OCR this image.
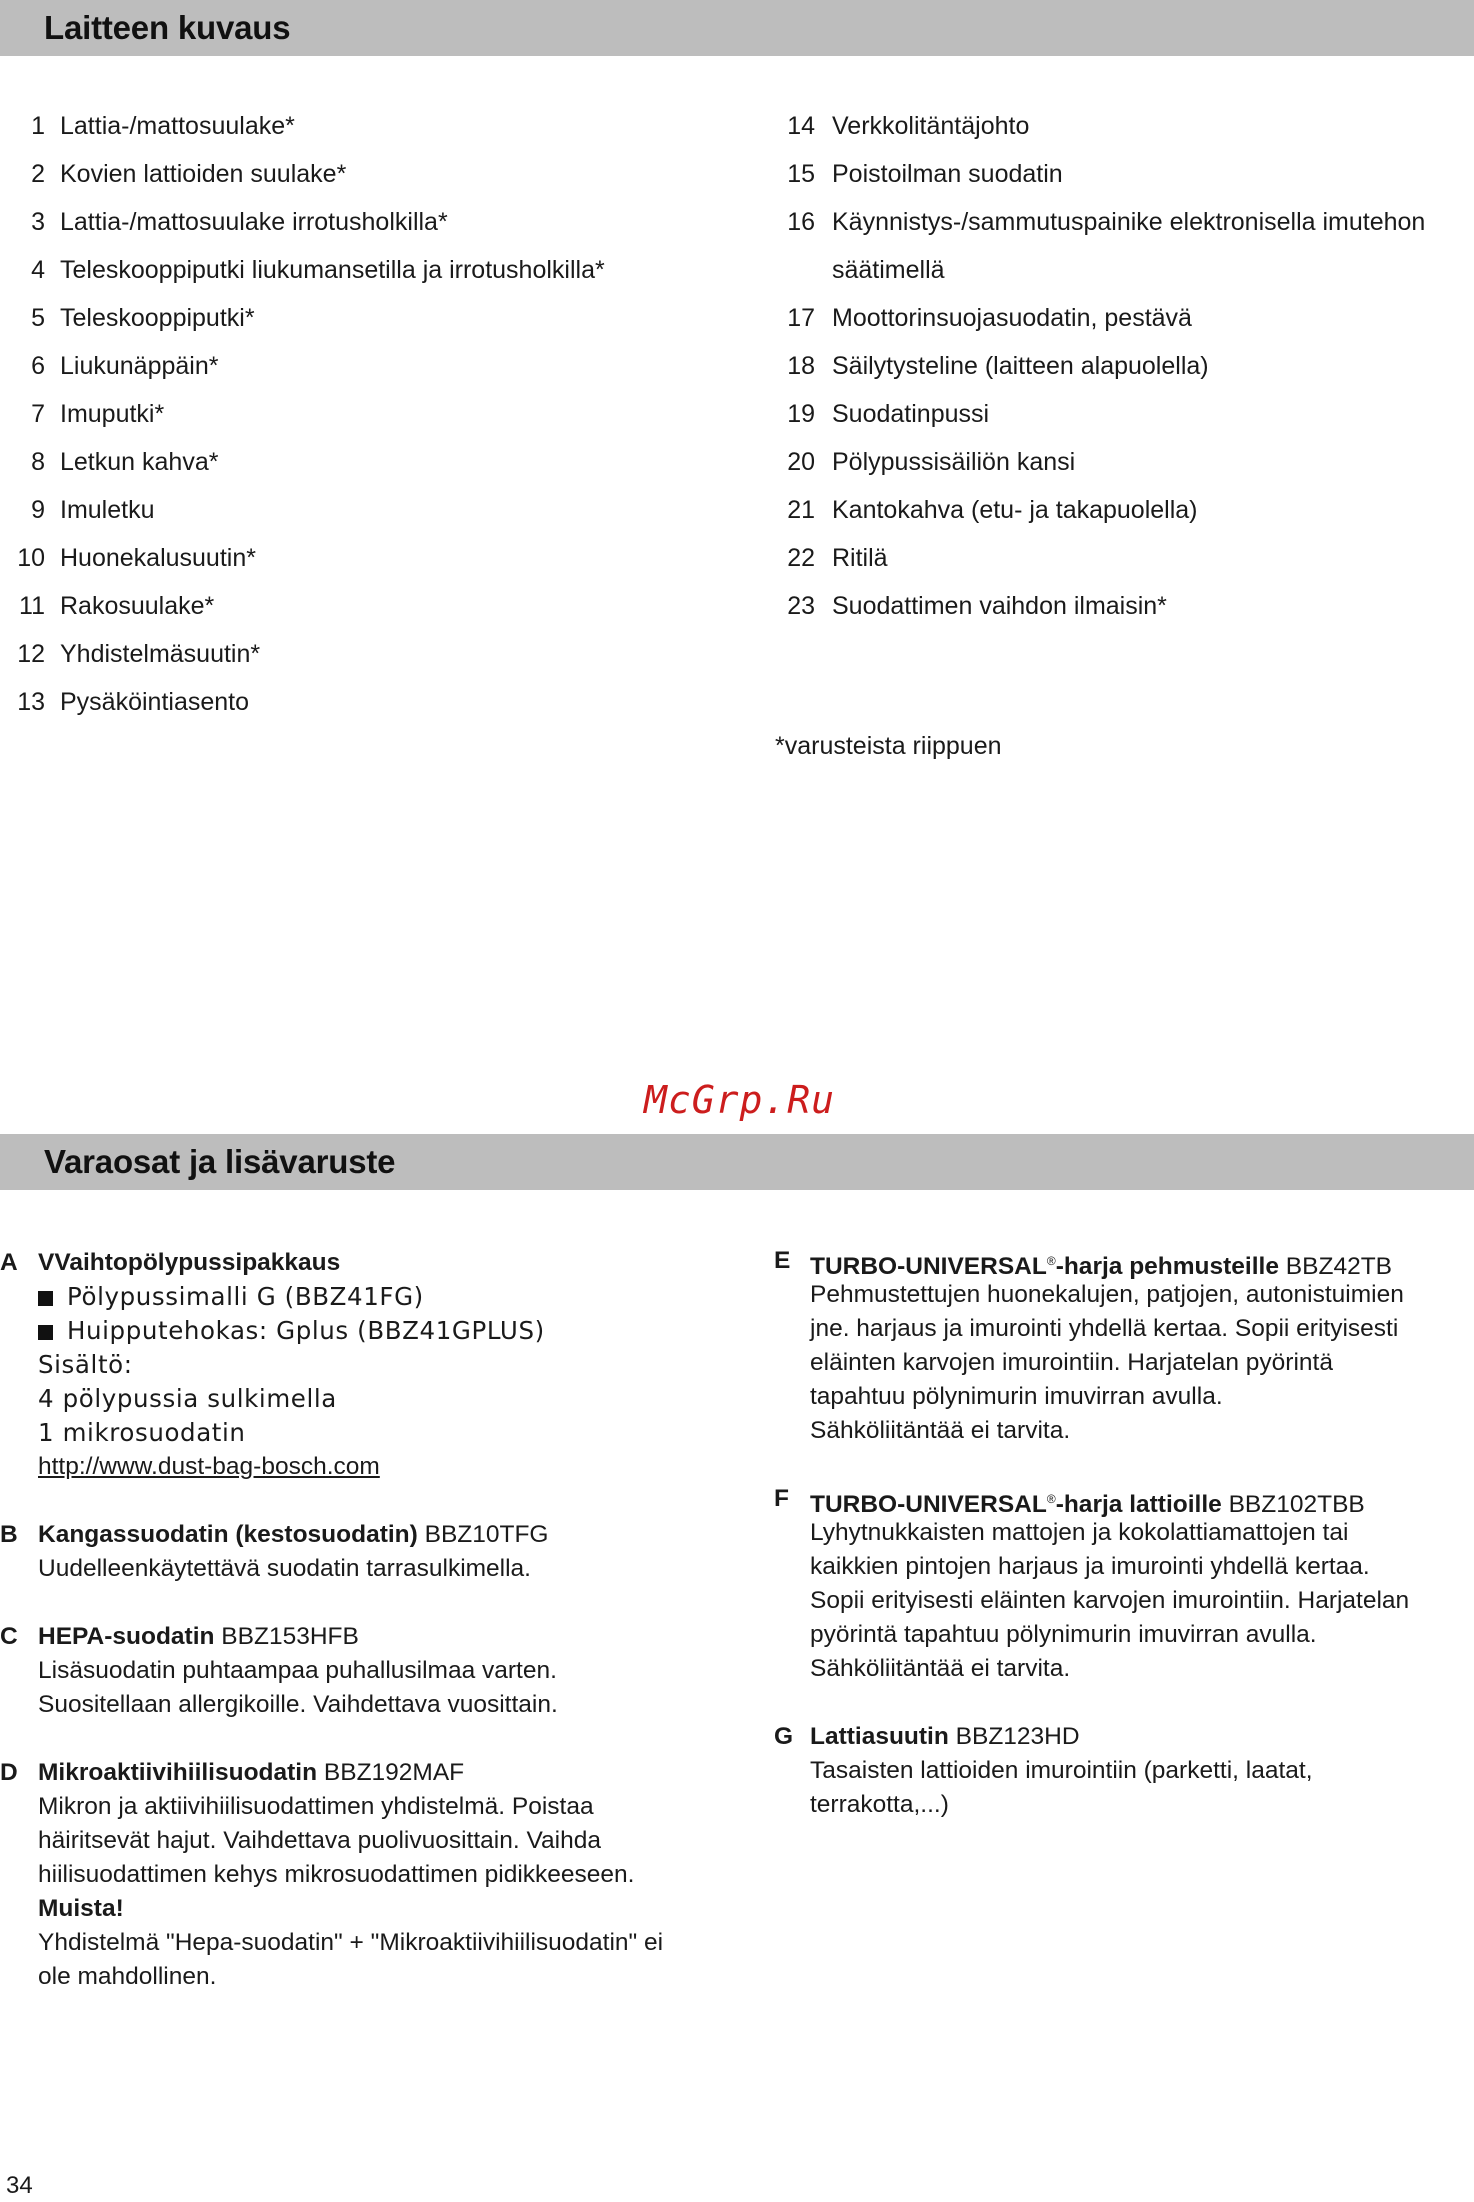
Laitteen kuvaus
1 Lattia-/mattosuulake*
2 Kovien lattioiden suulake*
3 Lattia-/mattosuulake irrotusholkilla*
4 Teleskooppiputki liukumansetilla ja irrotusholkilla*
5 Teleskooppiputki*
6 Liukunäppäin*
7 Imuputki*
8 Letkun kahva*
9 Imuletku
10 Huonekalusuutin*
11 Rakosuulake*
12 Yhdistelmäsuutin*
13 Pysäköintiasento
14 Verkkolitäntäjohto
15 Poistoilman suodatin
16 Käynnistys-/sammutuspainike elektronisella imutehon
säätimellä
17 Moottorinsuojasuodatin, pestävä
18 Säilytysteline (laitteen alapuolella)
19 Suodatinpussi
20 Pölypussisäiliön kansi
21 Kantokahva (etu- ja takapuolella)
22 Ritilä
23 Suodattimen vaihdon ilmaisin*
*varusteista riippuen
McGrp.Ru
Varaosat ja lisävaruste
A VVaihtopölypussipakkaus
Pölypussimalli G (BBZ41FG)
Huipputehokas: Gplus (BBZ41GPLUS)
Sisältö:
4 pölypussia sulkimella
1 mikrosuodatin
http://www.dust-bag-bosch.com
B Kangassuodatin (kestosuodatin) BBZ10TFG
Uudelleenkäytettävä suodatin tarrasulkimella.
C HEPA-suodatin BBZ153HFB
Lisäsuodatin puhtaampaa puhallusilmaa varten.
Suositellaan allergikoille. Vaihdettava vuosittain.
D Mikroaktiivihiilisuodatin BBZ192MAF
Mikron ja aktiivihiilisuodattimen yhdistelmä. Poistaa
häiritsevät hajut. Vaihdettava puolivuosittain. Vaihda
hiilisuodattimen kehys mikrosuodattimen pidikkeeseen.
Muista!
Yhdistelmä "Hepa-suodatin" + "Mikroaktiivihiilisuodatin" ei
ole mahdollinen.
E TURBO-UNIVERSAL®-harja pehmusteille BBZ42TB
Pehmustettujen huonekalujen, patjojen, autonistuimien
jne. harjaus ja imurointi yhdellä kertaa. Sopii erityisesti
eläinten karvojen imurointiin. Harjatelan pyörintä
tapahtuu pölynimurin imuvirran avulla.
Sähköliitäntää ei tarvita.
F TURBO-UNIVERSAL®-harja lattioille BBZ102TBB
Lyhytnukkaisten mattojen ja kokolattiamattojen tai
kaikkien pintojen harjaus ja imurointi yhdellä kertaa.
Sopii erityisesti eläinten karvojen imurointiin. Harjatelan
pyörintä tapahtuu pölynimurin imuvirran avulla.
Sähköliitäntää ei tarvita.
G Lattiasuutin BBZ123HD
Tasaisten lattioiden imurointiin (parketti, laatat,
terrakotta,...)
34
